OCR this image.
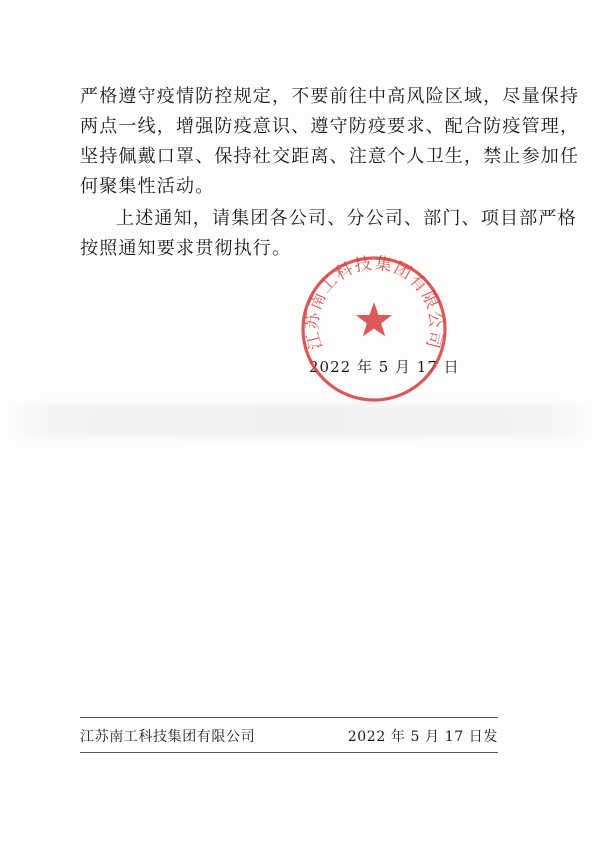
严格遵守疫情防控规定，不要前往中高风险区域，尽量保持
两点一线，增强防疫意识、遵守防疫要求、配合防疫管理，
坚持佩戴口罩、保持社交距离、注意个人卫生，禁止参加任
何聚集性活动。
上述通知，请集团各公司、分公司、部门、项目部严格
按照通知要求贯彻执行。
2022 年 5 月 17 日
江苏南工科技集团有限公司
江苏南工科技集团有限公司	2022 年 5 月 17 日发
